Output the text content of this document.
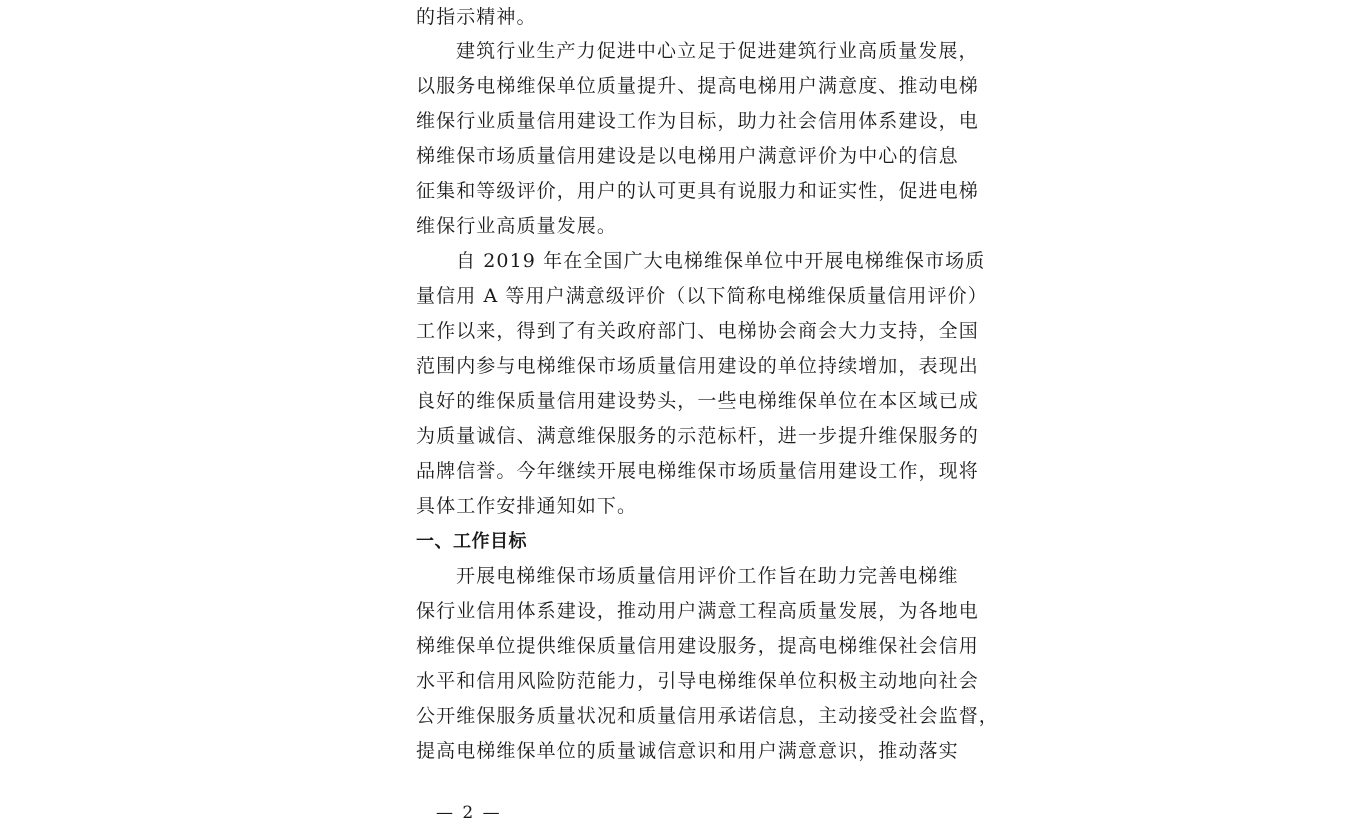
的指示精神。
建筑行业生产力促进中心立足于促进建筑行业高质量发展，
以服务电梯维保单位质量提升、提高电梯用户满意度、推动电梯
维保行业质量信用建设工作为目标，助力社会信用体系建设，电
梯维保市场质量信用建设是以电梯用户满意评价为中心的信息
征集和等级评价，用户的认可更具有说服力和证实性，促进电梯
维保行业高质量发展。
自 2019 年在全国广大电梯维保单位中开展电梯维保市场质
量信用 A 等用户满意级评价（以下简称电梯维保质量信用评价）
工作以来，得到了有关政府部门、电梯协会商会大力支持，全国
范围内参与电梯维保市场质量信用建设的单位持续增加，表现出
良好的维保质量信用建设势头，一些电梯维保单位在本区域已成
为质量诚信、满意维保服务的示范标杆，进一步提升维保服务的
品牌信誉。今年继续开展电梯维保市场质量信用建设工作，现将
具体工作安排通知如下。
一、工作目标
开展电梯维保市场质量信用评价工作旨在助力完善电梯维
保行业信用体系建设，推动用户满意工程高质量发展，为各地电
梯维保单位提供维保质量信用建设服务，提高电梯维保社会信用
水平和信用风险防范能力，引导电梯维保单位积极主动地向社会
公开维保服务质量状况和质量信用承诺信息，主动接受社会监督，
提高电梯维保单位的质量诚信意识和用户满意意识，推动落实
— 2 —
